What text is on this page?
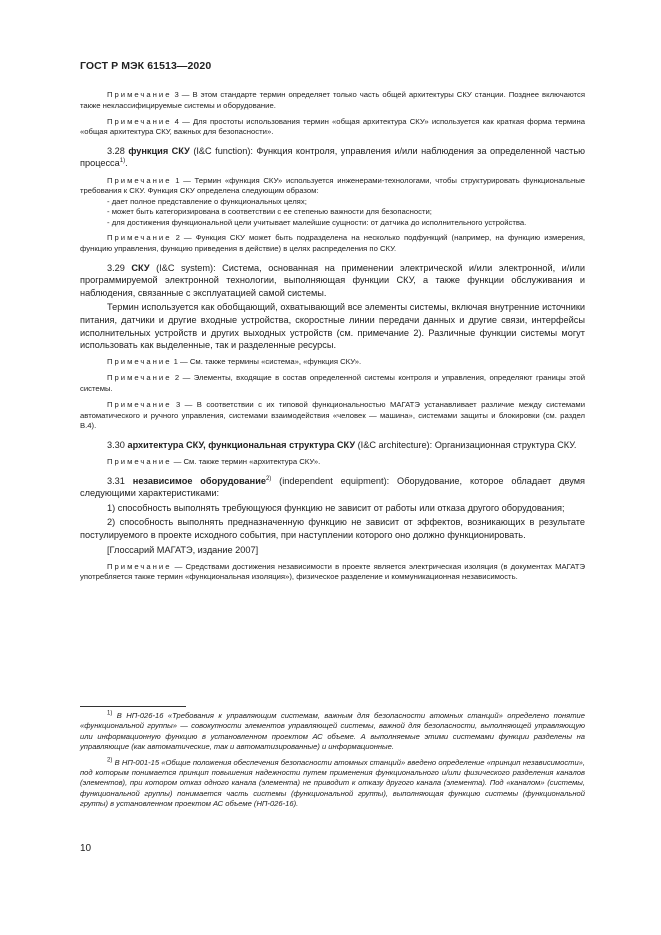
ГОСТ Р МЭК 61513—2020

Примечание 3 — В этом стандарте термин определяет только часть общей архитектуры СКУ станции. Позднее включаются также неклассифицируемые системы и оборудование.

Примечание 4 — Для простоты использования термин «общая архитектура СКУ» используется как краткая форма термина «общая архитектура СКУ, важных для безопасности».

3.28 функция СКУ (I&C function): Функция контроля, управления и/или наблюдения за определенной частью процесса$^{1)}$.

Примечание 1 — Термин «функция СКУ» используется инженерами-технологами, чтобы структурировать функциональные требования к СКУ. Функция СКУ определена следующим образом:

- дает полное представление о функциональных целях;

- может быть категоризирована в соответствии с ее степенью важности для безопасности;

- для достижения функциональной цели учитывает малейшие сущности: от датчика до исполнительного устройства.

Примечание 2 — Функция СКУ может быть подразделена на несколько подфункций (например, на функцию измерения, функцию управления, функцию приведения в действие) в целях распределения по СКУ.

3.29 СКУ (I&C system): Система, основанная на применении электрической и/или электронной, и/или программируемой электронной технологии, выполняющая функции СКУ, а также функции обслуживания и наблюдения, связанные с эксплуатацией самой системы.

Термин используется как обобщающий, охватывающий все элементы системы, включая внутренние источники питания, датчики и другие входные устройства, скоростные линии передачи данных и другие связи, интерфейсы исполнительных устройств и других выходных устройств (см. примечание 2). Различные функции системы могут использовать как выделенные, так и разделенные ресурсы.

Примечание 1 — См. также термины «система», «функция СКУ».

Примечание 2 — Элементы, входящие в состав определенной системы контроля и управления, определяют границы этой системы.

Примечание 3 — В соответствии с их типовой функциональностью МАГАТЭ устанавливает различие между системами автоматического и ручного управления, системами взаимодействия «человек — машина», системами защиты и блокировки (см. раздел В.4).

3.30 архитектура СКУ, функциональная структура СКУ (I&C architecture): Организационная структура СКУ.

Примечание — См. также термин «архитектура СКУ».

3.31 независимое оборудование$^{2)}$ (independent equipment): Оборудование, которое обладает двумя следующими характеристиками:

1) способность выполнять требующуюся функцию не зависит от работы или отказа другого оборудования;

2) способность выполнять предназначенную функцию не зависит от эффектов, возникающих в результате постулируемого в проекте исходного события, при наступлении которого оно должно функционировать.

[Глоссарий МАГАТЭ, издание 2007]

Примечание — Средствами достижения независимости в проекте является электрическая изоляция (в документах МАГАТЭ употребляется также термин «функциональная изоляция»), физическое разделение и коммуникационная независимость.

$^{1)}$ В НП-026-16 «Требования к управляющим системам, важным для безопасности атомных станций» определено понятие «функциональной группы» — совокупности элементов управляющей системы, важной для безопасности, выполняющей управляющую или информационную функцию в установленном проектом АС объеме. А выполняемые этими системами функции разделены на управляющие (как автоматические, так и автоматизированные) и информационные.

$^{2)}$ В НП-001-15 «Общие положения обеспечения безопасности атомных станций» введено определение «принцип независимости», под которым понимается принцип повышения надежности путем применения функционального и/или физического разделения каналов (элементов), при котором отказ одного канала (элемента) не приводит к отказу другого канала (элемента). Под «каналом» (системы, функциональной группы) понимается часть системы (функциональной группы), выполняющая функцию системы (функциональной группы) в установленном проектом АС объеме (НП-026-16).

10
